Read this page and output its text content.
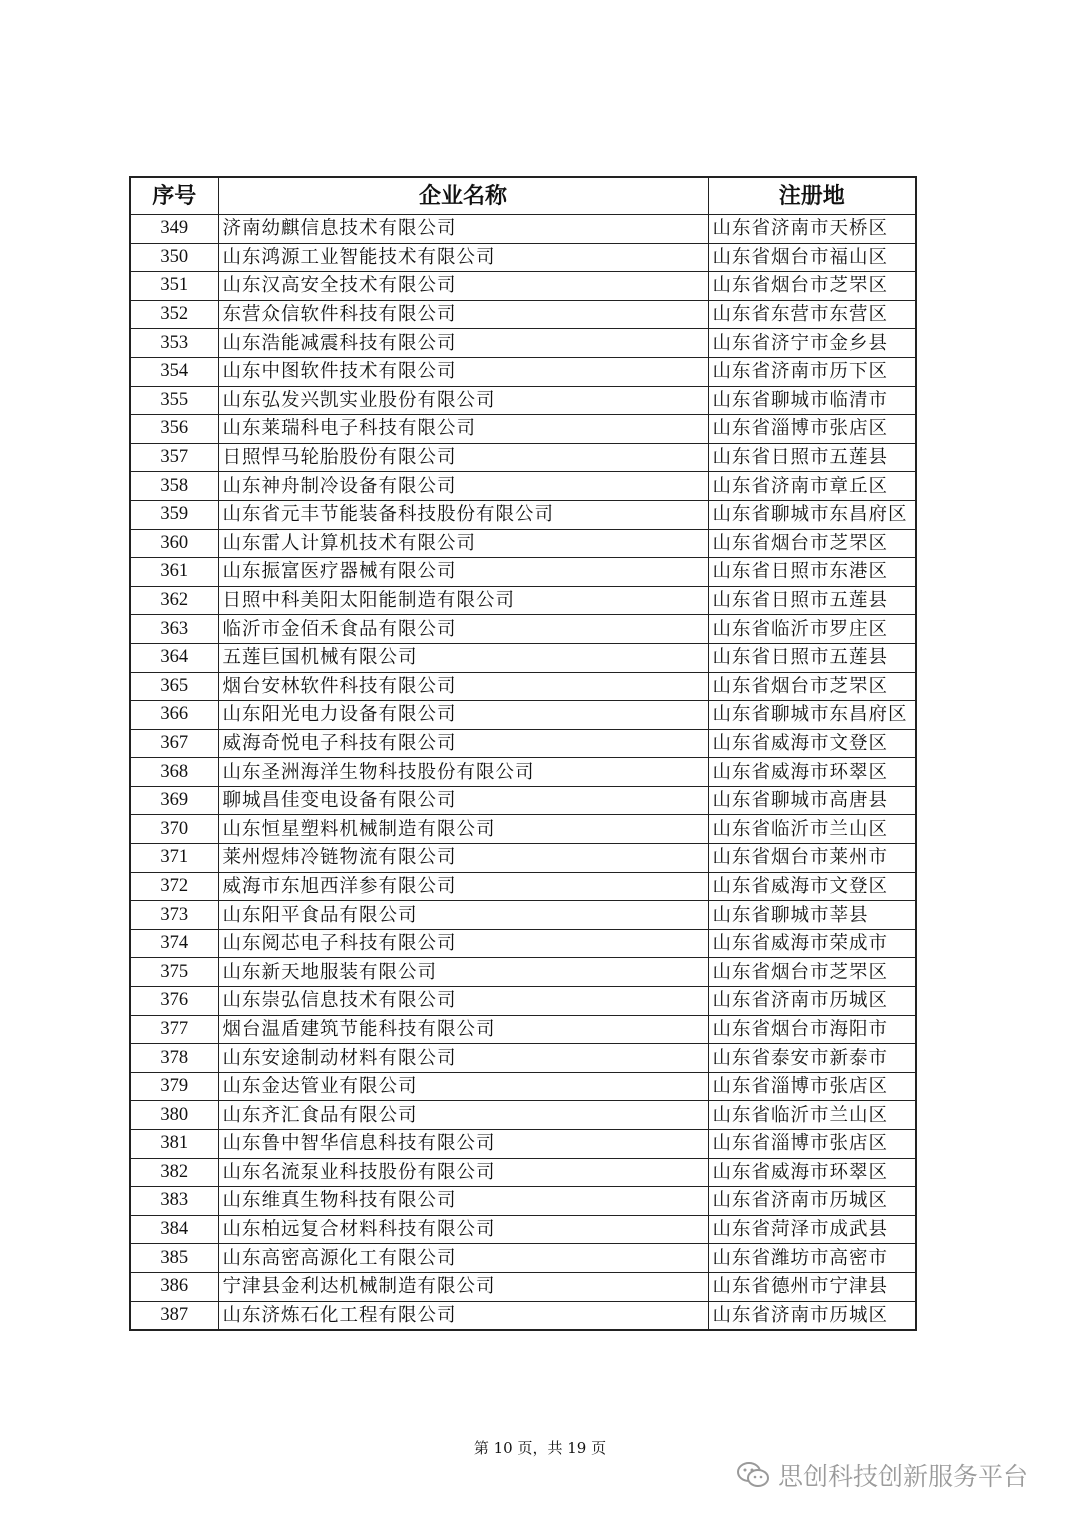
序号	企业名称	注册地
349	济南幼麒信息技术有限公司	山东省济南市天桥区
350	山东鸿源工业智能技术有限公司	山东省烟台市福山区
351	山东汉高安全技术有限公司	山东省烟台市芝罘区
352	东营众信软件科技有限公司	山东省东营市东营区
353	山东浩能减震科技有限公司	山东省济宁市金乡县
354	山东中图软件技术有限公司	山东省济南市历下区
355	山东弘发兴凯实业股份有限公司	山东省聊城市临清市
356	山东莱瑞科电子科技有限公司	山东省淄博市张店区
357	日照悍马轮胎股份有限公司	山东省日照市五莲县
358	山东神舟制冷设备有限公司	山东省济南市章丘区
359	山东省元丰节能装备科技股份有限公司	山东省聊城市东昌府区
360	山东雷人计算机技术有限公司	山东省烟台市芝罘区
361	山东振富医疗器械有限公司	山东省日照市东港区
362	日照中科美阳太阳能制造有限公司	山东省日照市五莲县
363	临沂市金佰禾食品有限公司	山东省临沂市罗庄区
364	五莲巨国机械有限公司	山东省日照市五莲县
365	烟台安林软件科技有限公司	山东省烟台市芝罘区
366	山东阳光电力设备有限公司	山东省聊城市东昌府区
367	威海奇悦电子科技有限公司	山东省威海市文登区
368	山东圣洲海洋生物科技股份有限公司	山东省威海市环翠区
369	聊城昌佳变电设备有限公司	山东省聊城市高唐县
370	山东恒星塑料机械制造有限公司	山东省临沂市兰山区
371	莱州煜炜冷链物流有限公司	山东省烟台市莱州市
372	威海市东旭西洋参有限公司	山东省威海市文登区
373	山东阳平食品有限公司	山东省聊城市莘县
374	山东阅芯电子科技有限公司	山东省威海市荣成市
375	山东新天地服装有限公司	山东省烟台市芝罘区
376	山东崇弘信息技术有限公司	山东省济南市历城区
377	烟台温盾建筑节能科技有限公司	山东省烟台市海阳市
378	山东安途制动材料有限公司	山东省泰安市新泰市
379	山东金达管业有限公司	山东省淄博市张店区
380	山东齐汇食品有限公司	山东省临沂市兰山区
381	山东鲁中智华信息科技有限公司	山东省淄博市张店区
382	山东名流泵业科技股份有限公司	山东省威海市环翠区
383	山东维真生物科技有限公司	山东省济南市历城区
384	山东柏远复合材料科技有限公司	山东省菏泽市成武县
385	山东高密高源化工有限公司	山东省潍坊市高密市
386	宁津县金利达机械制造有限公司	山东省德州市宁津县
387	山东济炼石化工程有限公司	山东省济南市历城区
第 10 页，共 19 页
思创科技创新服务平台
